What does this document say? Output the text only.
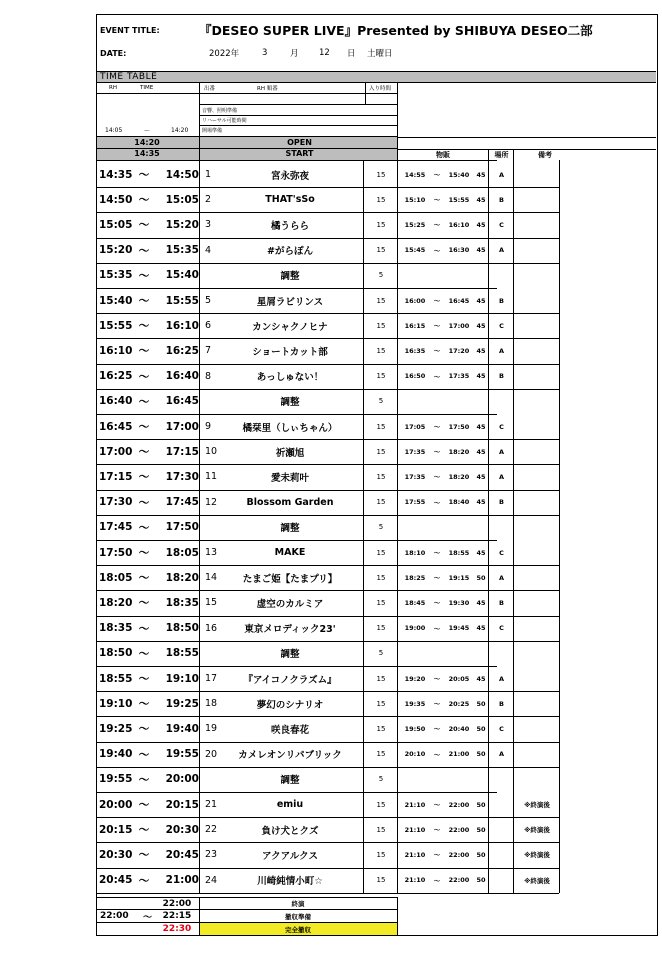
EVENT TITLE:	『DESEO SUPER LIVE』Presented by SHIBUYA DESEO二部
DATE:	2022年	3	月 12 日 土曜日
TIME TABLE
RH	TIME	出番	RH 順番	入り時間
音響、照明準備
リハーサル可能時間
14:05	〜	14:20	開場準備
14:20	OPEN
14:35	START	物販	場所	備考
14:35 〜	14:50 1	宮永弥夜	15	14:55	〜	15:40	45	A
14:50 〜	15:05 2	THAT'sSo	15	15:10	〜	15:55	45	B
15:05 〜	15:20 3	橘うらら	15	15:25	〜	16:10	45	C
15:20 〜	15:35 4	#がらぽん	15	15:45	〜	16:30	45	A
15:35 〜	15:40	調整	5
15:40 〜	15:55 5	星屑ラビリンス	15	16:00	〜	16:45	45	B
15:55 〜	16:10 6	カンシャクノヒナ	15	16:15	〜	17:00	45	C
16:10 〜	16:25 7	ショートカット部	15	16:35	〜	17:20	45	A
16:25 〜	16:40 8	あっしゅない！	15	16:50	〜	17:35	45	B
16:40 〜	16:45	調整	5
16:45 〜	17:00 9	橘栞里（しぃちゃん）	15	17:05	〜	17:50	45	C
17:00 〜	17:15 10	祈瀬旭	15	17:35	〜	18:20	45	A
17:15 〜	17:30 11	愛未莉叶	15	17:35	〜	18:20	45	A
17:30 〜	17:45 12	Blossom Garden	15	17:55	〜	18:40	45	B
17:45 〜	17:50	調整	5
17:50 〜	18:05 13	MAKE	15	18:10	〜	18:55	45	C
18:05 〜	18:20 14	たまご姫【たまプリ】	15	18:25	〜	19:15	50	A
18:20 〜	18:35 15	虚空のカルミア	15	18:45	〜	19:30	45	B
18:35 〜	18:50 16	東京メロディック23'	15	19:00	〜	19:45	45	C
18:50 〜	18:55	調整	5
18:55 〜	19:10 17	『アイコノクラズム』	15	19:20	〜	20:05	45	A
19:10 〜	19:25 18	夢幻のシナリオ	15	19:35	〜	20:25	50	B
19:25 〜	19:40 19	咲良春花	15	19:50	〜	20:40	50	C
19:40 〜	19:55 20	カメレオンリパブリック	15	20:10	〜	21:00	50	A
19:55 〜	20:00	調整	5
20:00 〜	20:15 21	emiu	15	21:10	〜	22:00	50	※終演後
20:15 〜	20:30 22	負け犬とクズ	15	21:10	〜	22:00	50	※終演後
20:30 〜	20:45 23	アクアルクス	15	21:10	〜	22:00	50	※終演後
20:45 〜	21:00 24	川崎純情小町☆	15	21:10	〜	22:00	50	※終演後
22:00	終演
22:00 〜	22:15	撤収準備
22:30	完全撤収
